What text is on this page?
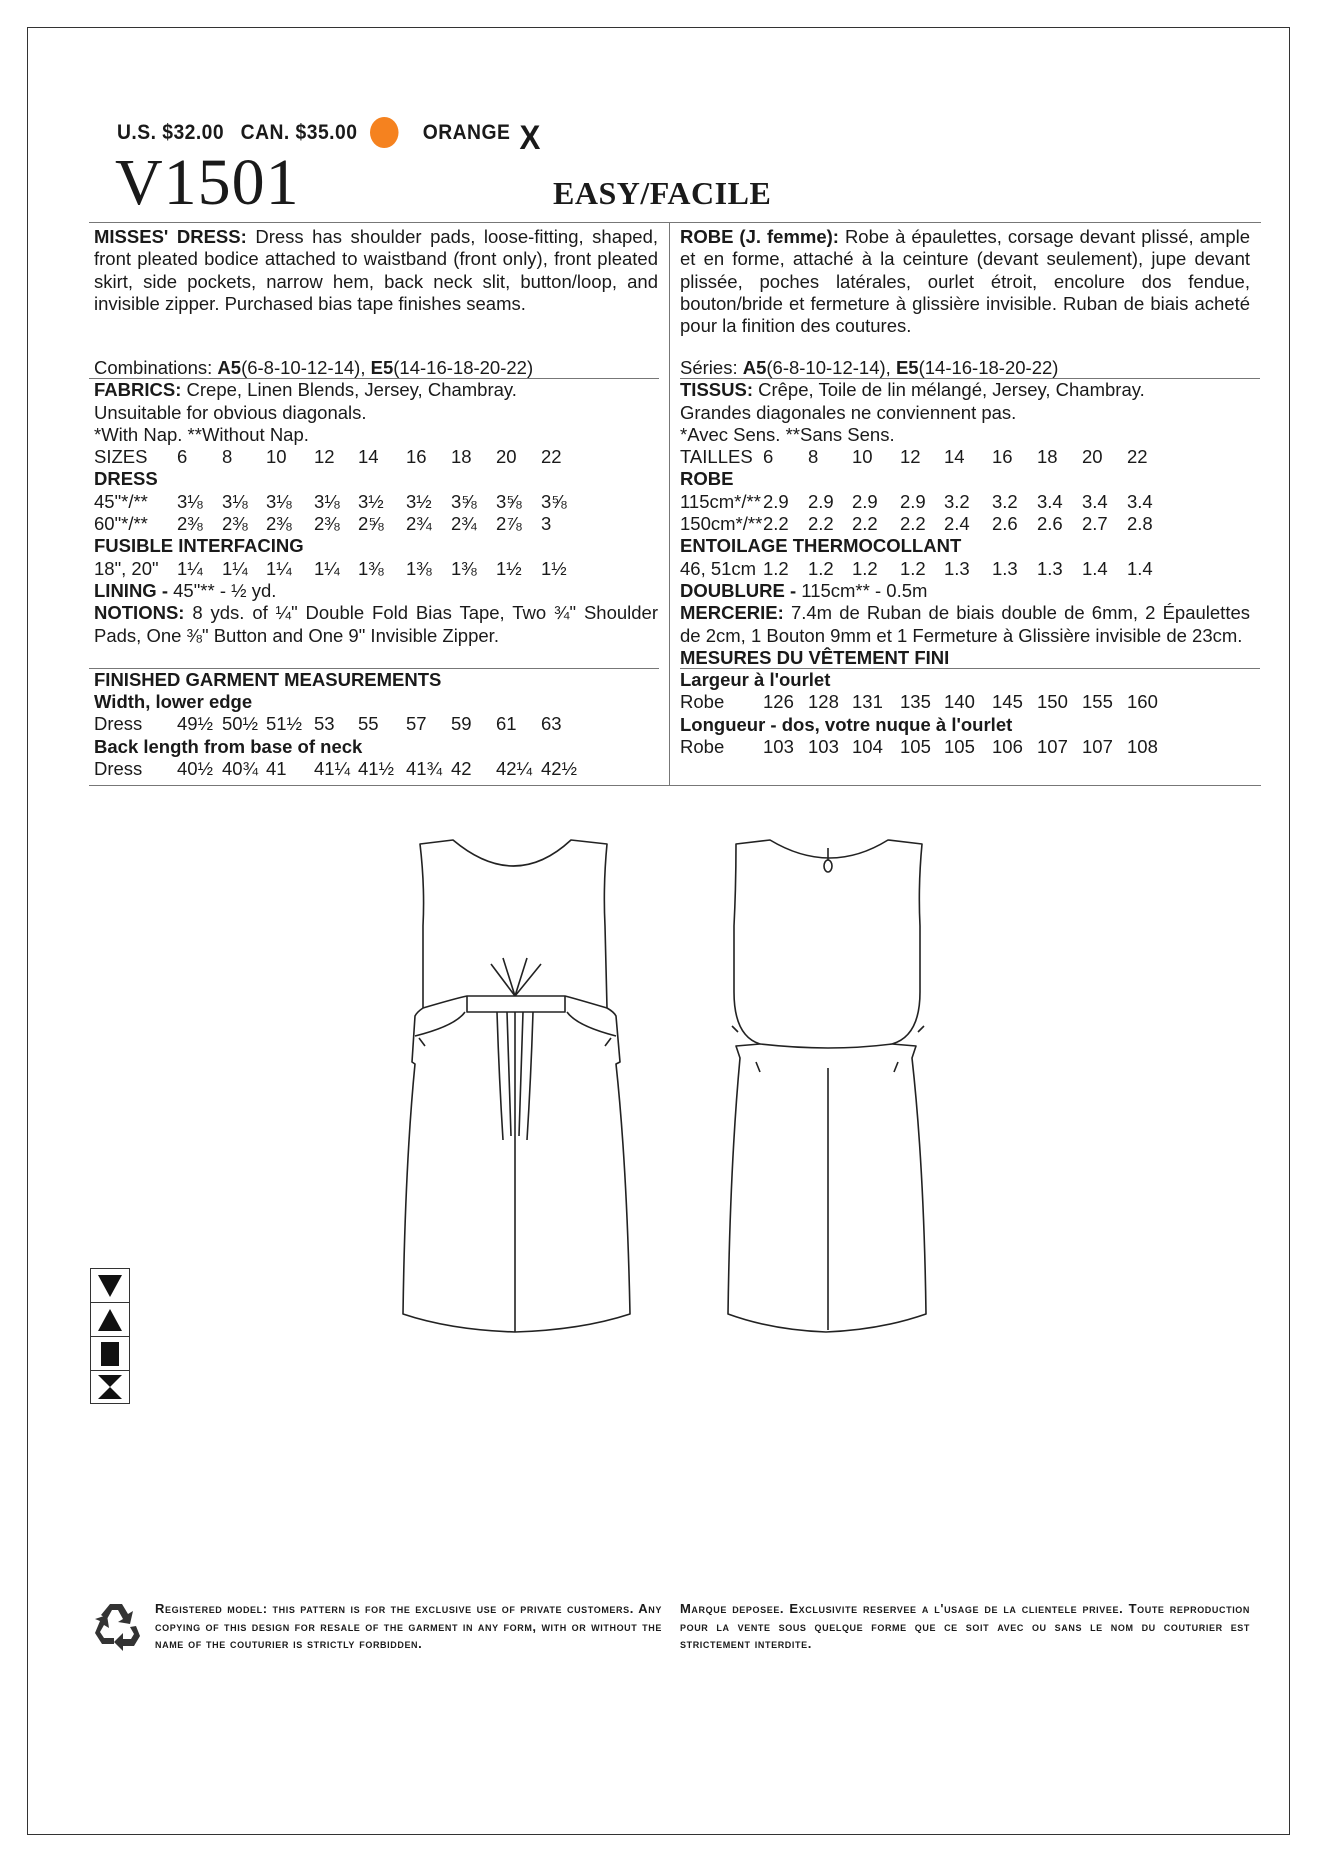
U.S. $32.00 CAN. $35.00	ORANGE X
V1501	EASY/FACILE

MISSES' DRESS: Dress has shoulder pads, loose-fitting, shaped, front pleated bodice attached to waistband (front only), front pleated skirt, side pockets, narrow hem, back neck slit, button/loop, and invisible zipper. Purchased bias tape finishes seams.

ROBE (J. femme): Robe à épaulettes, corsage devant plissé, ample et en forme, attaché à la ceinture (devant seulement), jupe devant plissée, poches latérales, ourlet étroit, encolure dos fendue, bouton/bride et fermeture à glissière invisible. Ruban de biais acheté pour la finition des coutures.

Combinations: A5(6-8-10-12-14), E5(14-16-18-20-22)

FABRICS: Crepe, Linen Blends, Jersey, Chambray.

Unsuitable for obvious diagonals.

*With Nap. **Without Nap.

SIZES 6 8 10 12 14 16 18 20 22

DRESS

45"*/** 3⅛ 3⅛ 3⅛ 3⅛ 3½ 3½ 3⅝ 3⅝ 3⅝
60"*/** 2⅜ 2⅜ 2⅜ 2⅜ 2⅝ 2¾ 2¾ 2⅞ 3

FUSIBLE INTERFACING

18", 20" 1¼ 1¼ 1¼ 1¼ 1⅜ 1⅜ 1⅜ 1½ 1½

LINING - 45"** - ½ yd.

NOTIONS: 8 yds. of ¼" Double Fold Bias Tape, Two ¾" Shoulder Pads, One ⅜" Button and One 9" Invisible Zipper.

FINISHED GARMENT MEASUREMENTS

Width, lower edge

Dress 49½ 50½ 51½ 53 55 57 59 61 63

Back length from base of neck

Dress 40½ 40¾ 41 41¼ 41½ 41¾ 42 42¼ 42½

Séries: A5(6-8-10-12-14), E5(14-16-18-20-22)

TISSUS: Crêpe, Toile de lin mélangé, Jersey, Chambray.

Grandes diagonales ne conviennent pas.

*Avec Sens. **Sans Sens.

TAILLES 6 8 10 12 14 16 18 20 22

ROBE

115cm*/** 2.9 2.9 2.9 2.9 3.2 3.2 3.4 3.4 3.4
150cm*/** 2.2 2.2 2.2 2.2 2.4 2.6 2.6 2.7 2.8

ENTOILAGE THERMOCOLLANT

46, 51cm 1.2 1.2 1.2 1.2 1.3 1.3 1.3 1.4 1.4

DOUBLURE - 115cm** - 0.5m

MERCERIE: 7.4m de Ruban de biais double de 6mm, 2 Épaulettes de 2cm, 1 Bouton 9mm et 1 Fermeture à Glissière invisible de 23cm.

MESURES DU VÊTEMENT FINI

Largeur à l'ourlet

Robe 126 128 131 135 140 145 150 155 160

Longueur - dos, votre nuque à l'ourlet

Robe 103 103 104 105 105 106 107 107 108
Registered model: this pattern is for the exclusive use of private customers. Any copying of this design for resale of the garment in any form, with or without the name of the couturier is strictly forbidden.
Marque deposee. Exclusivite reservee a l'usage de la clientele privee. Toute reproduction pour la vente sous quelque forme que ce soit avec ou sans le nom du couturier est strictement interdite.
